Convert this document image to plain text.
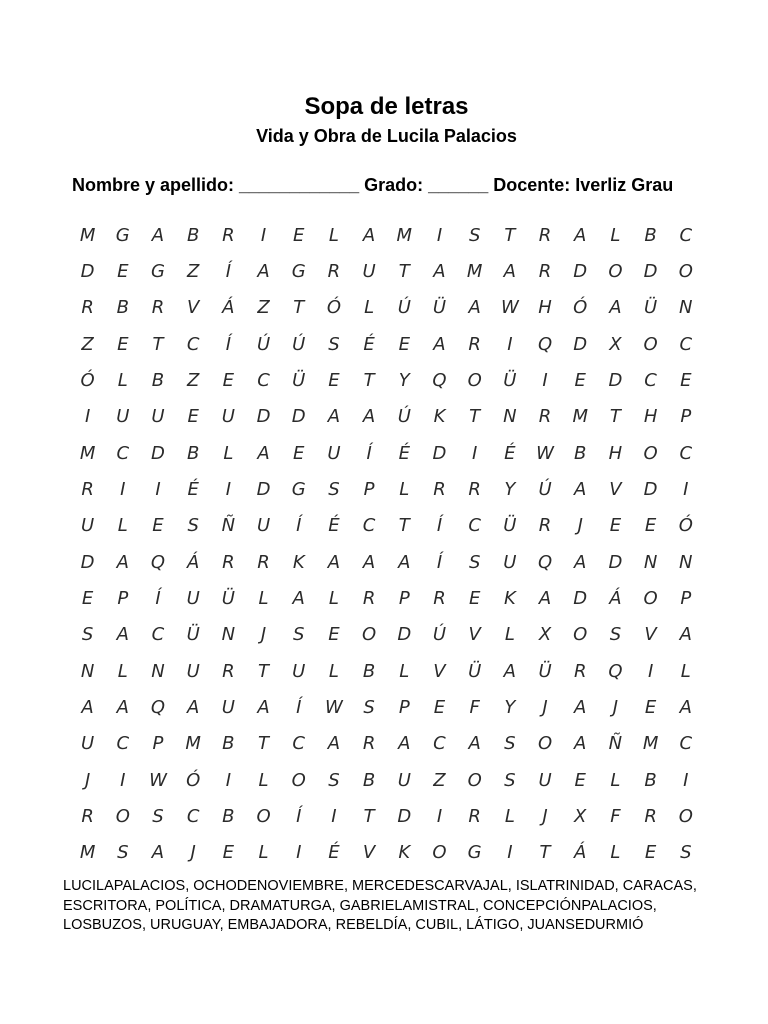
Sopa de letras
Vida y Obra de Lucila Palacios
Nombre y apellido: ____________ Grado: ______ Docente: Iverliz Grau
M	G	A	B	R	I	E	L	A	M	I	S	T	R	A	L	B	C
D	E	G	Z	Í	A	G	R	U	T	A	M	A	R	D	O	D	O
R	B	R	V	Á	Z	T	Ó	L	Ú	Ü	A	W	H	Ó	A	Ü	N
Z	E	T	C	Í	Ú	Ú	S	É	E	A	R	I	Q	D	X	O	C
Ó	L	B	Z	E	C	Ü	E	T	Y	Q	O	Ü	I	E	D	C	E
I	U	U	E	U	D	D	A	A	Ú	K	T	N	R	M	T	H	P
M	C	D	B	L	A	E	U	Í	É	D	I	É	W	B	H	O	C
R	I	I	É	I	D	G	S	P	L	R	R	Y	Ú	A	V	D	I
U	L	E	S	Ñ	U	Í	É	C	T	Í	C	Ü	R	J	E	E	Ó
D	A	Q	Á	R	R	K	A	A	A	Í	S	U	Q	A	D	N	N
E	P	Í	U	Ü	L	A	L	R	P	R	E	K	A	D	Á	O	P
S	A	C	Ü	N	J	S	E	O	D	Ú	V	L	X	O	S	V	A
N	L	N	U	R	T	U	L	B	L	V	Ü	A	Ü	R	Q	I	L
A	A	Q	A	U	A	Í	W	S	P	E	F	Y	J	A	J	E	A
U	C	P	M	B	T	C	A	R	A	C	A	S	O	A	Ñ	M	C
J	I	W	Ó	I	L	O	S	B	U	Z	O	S	U	E	L	B	I
R	O	S	C	B	O	Í	I	T	D	I	R	L	J	X	F	R	O
M	S	A	J	E	L	I	É	V	K	O	G	I	T	Á	L	E	S
LUCILAPALACIOS, OCHODENOVIEMBRE, MERCEDESCARVAJAL, ISLATRINIDAD, CARACAS, ESCRITORA, POLÍTICA, DRAMATURGA, GABRIELAMISTRAL, CONCEPCIÓNPALACIOS, LOSBUZOS, URUGUAY, EMBAJADORA, REBELDÍA, CUBIL, LÁTIGO, JUANSEDURMIÓ
